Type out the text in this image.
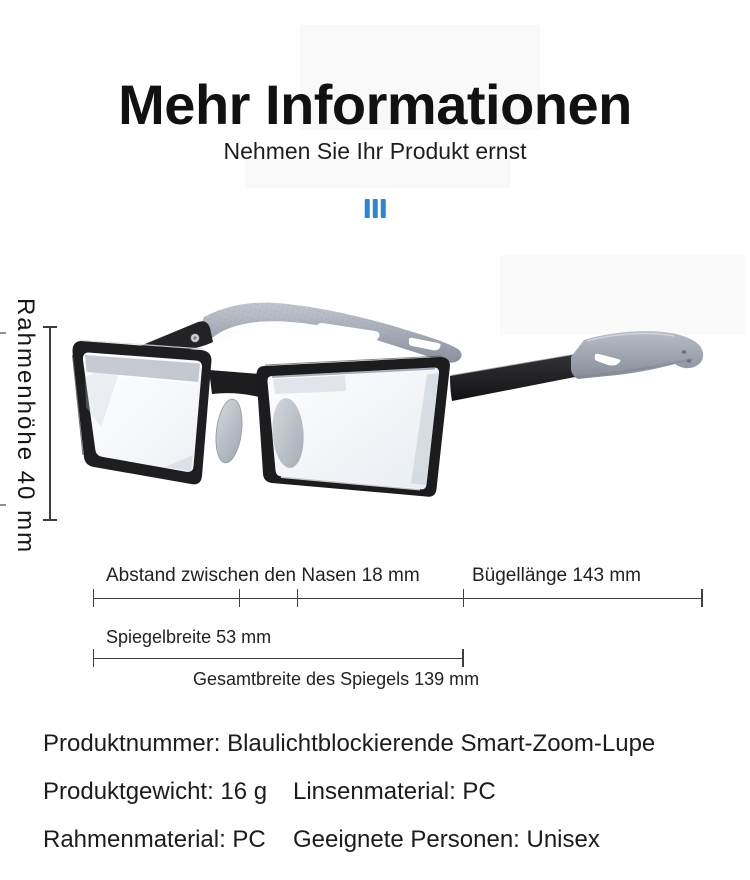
Mehr Informationen
Nehmen Sie Ihr Produkt ernst
Rahmenhöhe 40 mm
Abstand zwischen den Nasen 18 mm	Bügellänge 143 mm
Spiegelbreite 53 mm
Gesamtbreite des Spiegels 139 mm
Produktnummer: Blaulichtblockierende Smart-Zoom-Lupe
Produktgewicht: 16 g Linsenmaterial: PC
Rahmenmaterial: PC Geeignete Personen: Unisex
